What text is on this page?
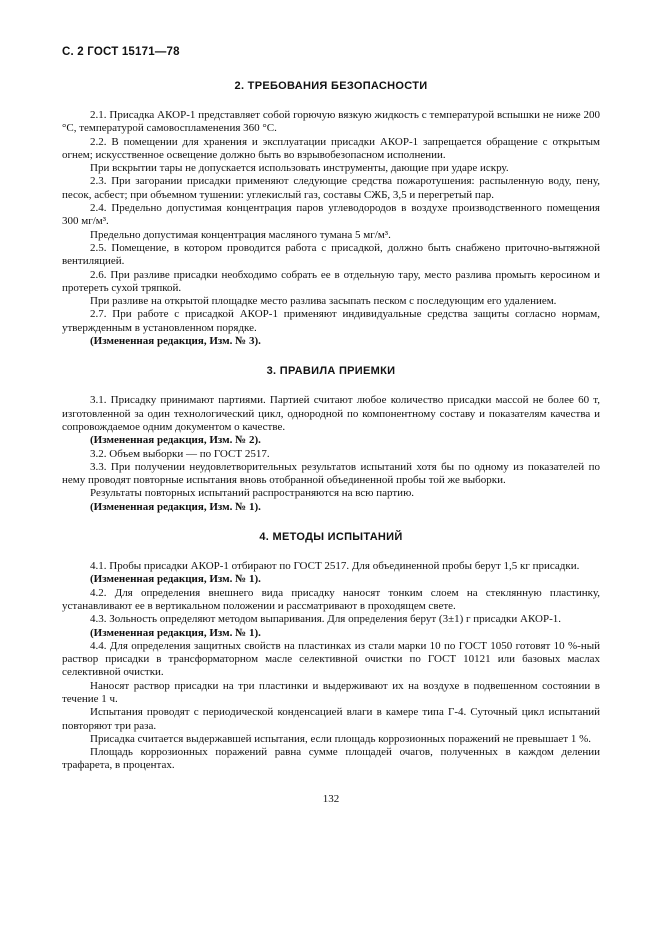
С. 2 ГОСТ 15171—78
2. ТРЕБОВАНИЯ БЕЗОПАСНОСТИ

2.1. Присадка АКОР-1 представляет собой горючую вязкую жидкость с температурой вспышки не ниже 200 °С, температурой самовоспламенения 360 °С.

2.2. В помещении для хранения и эксплуатации присадки АКОР-1 запрещается обращение с открытым огнем; искусственное освещение должно быть во взрывобезопасном исполнении.

При вскрытии тары не допускается использовать инструменты, дающие при ударе искру.

2.3. При загорании присадки применяют следующие средства пожаротушения: распыленную воду, пену, песок, асбест; при объемном тушении: углекислый газ, составы СЖБ, 3,5 и перегретый пар.

2.4. Предельно допустимая концентрация паров углеводородов в воздухе производственного помещения 300 мг/м³.

Предельно допустимая концентрация масляного тумана 5 мг/м³.

2.5. Помещение, в котором проводится работа с присадкой, должно быть снабжено приточно-вытяжной вентиляцией.

2.6. При разливе присадки необходимо собрать ее в отдельную тару, место разлива промыть керосином и протереть сухой тряпкой.

При разливе на открытой площадке место разлива засыпать песком с последующим его удалением.

2.7. При работе с присадкой АКОР-1 применяют индивидуальные средства защиты согласно нормам, утвержденным в установленном порядке.

(Измененная редакция, Изм. № 3).

3. ПРАВИЛА ПРИЕМКИ

3.1. Присадку принимают партиями. Партией считают любое количество присадки массой не более 60 т, изготовленной за один технологический цикл, однородной по компонентному составу и показателям качества и сопровождаемое одним документом о качестве.

(Измененная редакция, Изм. № 2).

3.2. Объем выборки — по ГОСТ 2517.

3.3. При получении неудовлетворительных результатов испытаний хотя бы по одному из показателей по нему проводят повторные испытания вновь отобранной объединенной пробы той же выборки.

Результаты повторных испытаний распространяются на всю партию.

(Измененная редакция, Изм. № 1).

4. МЕТОДЫ ИСПЫТАНИЙ

4.1. Пробы присадки АКОР-1 отбирают по ГОСТ 2517. Для объединенной пробы берут 1,5 кг присадки.

(Измененная редакция, Изм. № 1).

4.2. Для определения внешнего вида присадку наносят тонким слоем на стеклянную пластинку, устанавливают ее в вертикальном положении и рассматривают в проходящем свете.

4.3. Зольность определяют методом выпаривания. Для определения берут (3±1) г присадки АКОР-1.

(Измененная редакция, Изм. № 1).

4.4. Для определения защитных свойств на пластинках из стали марки 10 по ГОСТ 1050 готовят 10 %-ный раствор присадки в трансформаторном масле селективной очистки по ГОСТ 10121 или базовых маслах селективной очистки.

Наносят раствор присадки на три пластинки и выдерживают их на воздухе в подвешенном состоянии в течение 1 ч.

Испытания проводят с периодической конденсацией влаги в камере типа Г-4. Суточный цикл испытаний повторяют три раза.

Присадка считается выдержавшей испытания, если площадь коррозионных поражений не превышает 1 %.

Площадь коррозионных поражений равна сумме площадей очагов, полученных в каждом делении трафарета, в процентах.

132
